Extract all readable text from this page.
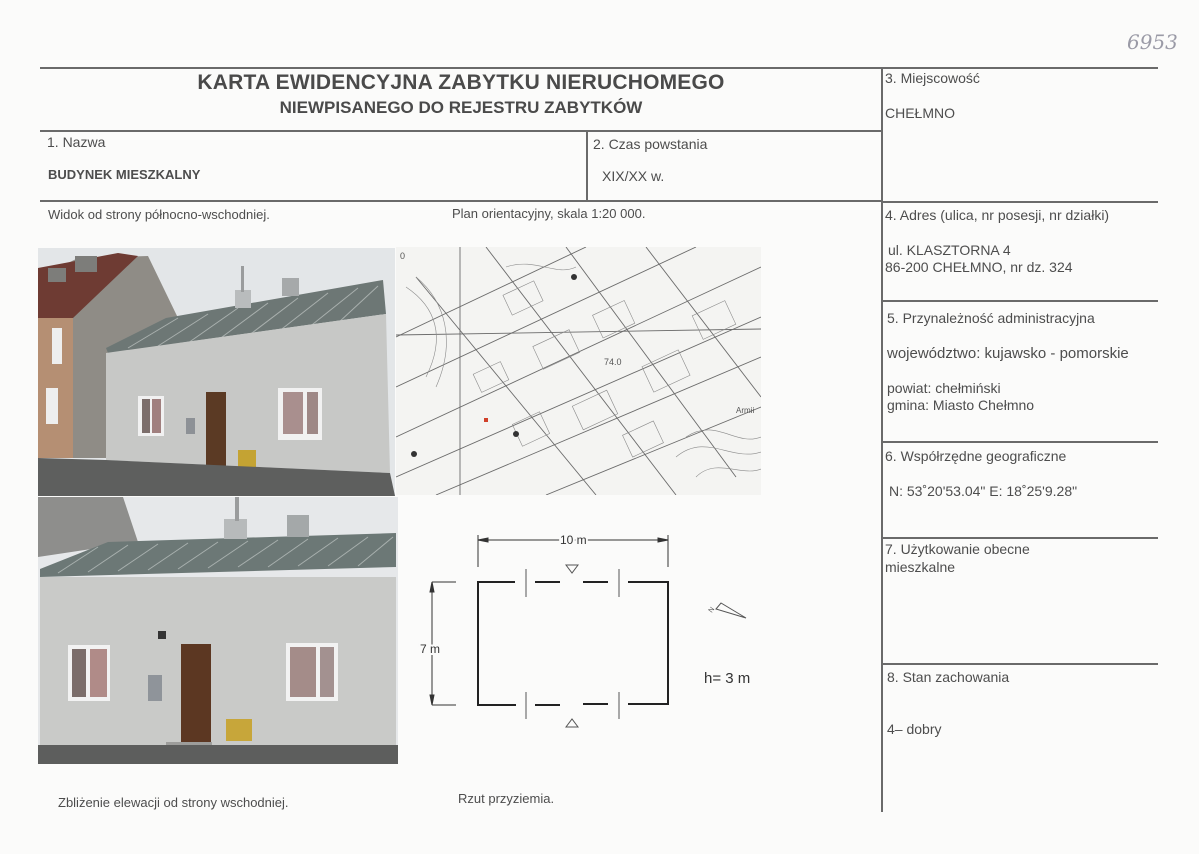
6953
KARTA EWIDENCYJNA ZABYTKU NIERUCHOMEGO
NIEWPISANEGO DO REJESTRU ZABYTKÓW
1. Nazwa
BUDYNEK MIESZKALNY
2. Czas powstania
XIX/XX w.
3. Miejscowość
CHEŁMNO
4. Adres (ulica, nr posesji, nr działki)
ul. KLASZTORNA 4
86-200 CHEŁMNO, nr dz. 324
5. Przynależność administracyjna
województwo: kujawsko - pomorskie
powiat: chełmiński
gmina: Miasto Chełmno
6. Współrzędne geograficzne
N: 53˚20'53.04" E: 18˚25'9.28"
7. Użytkowanie obecne
mieszkalne
8. Stan zachowania
4– dobry
Widok od strony północno-wschodniej.	Plan orientacyjny, skala 1:20 000.
Zbliżenie elewacji od strony wschodniej.	Rzut przyziemia.
0
74.0
Armii
N
10 m
7 m
h= 3 m
